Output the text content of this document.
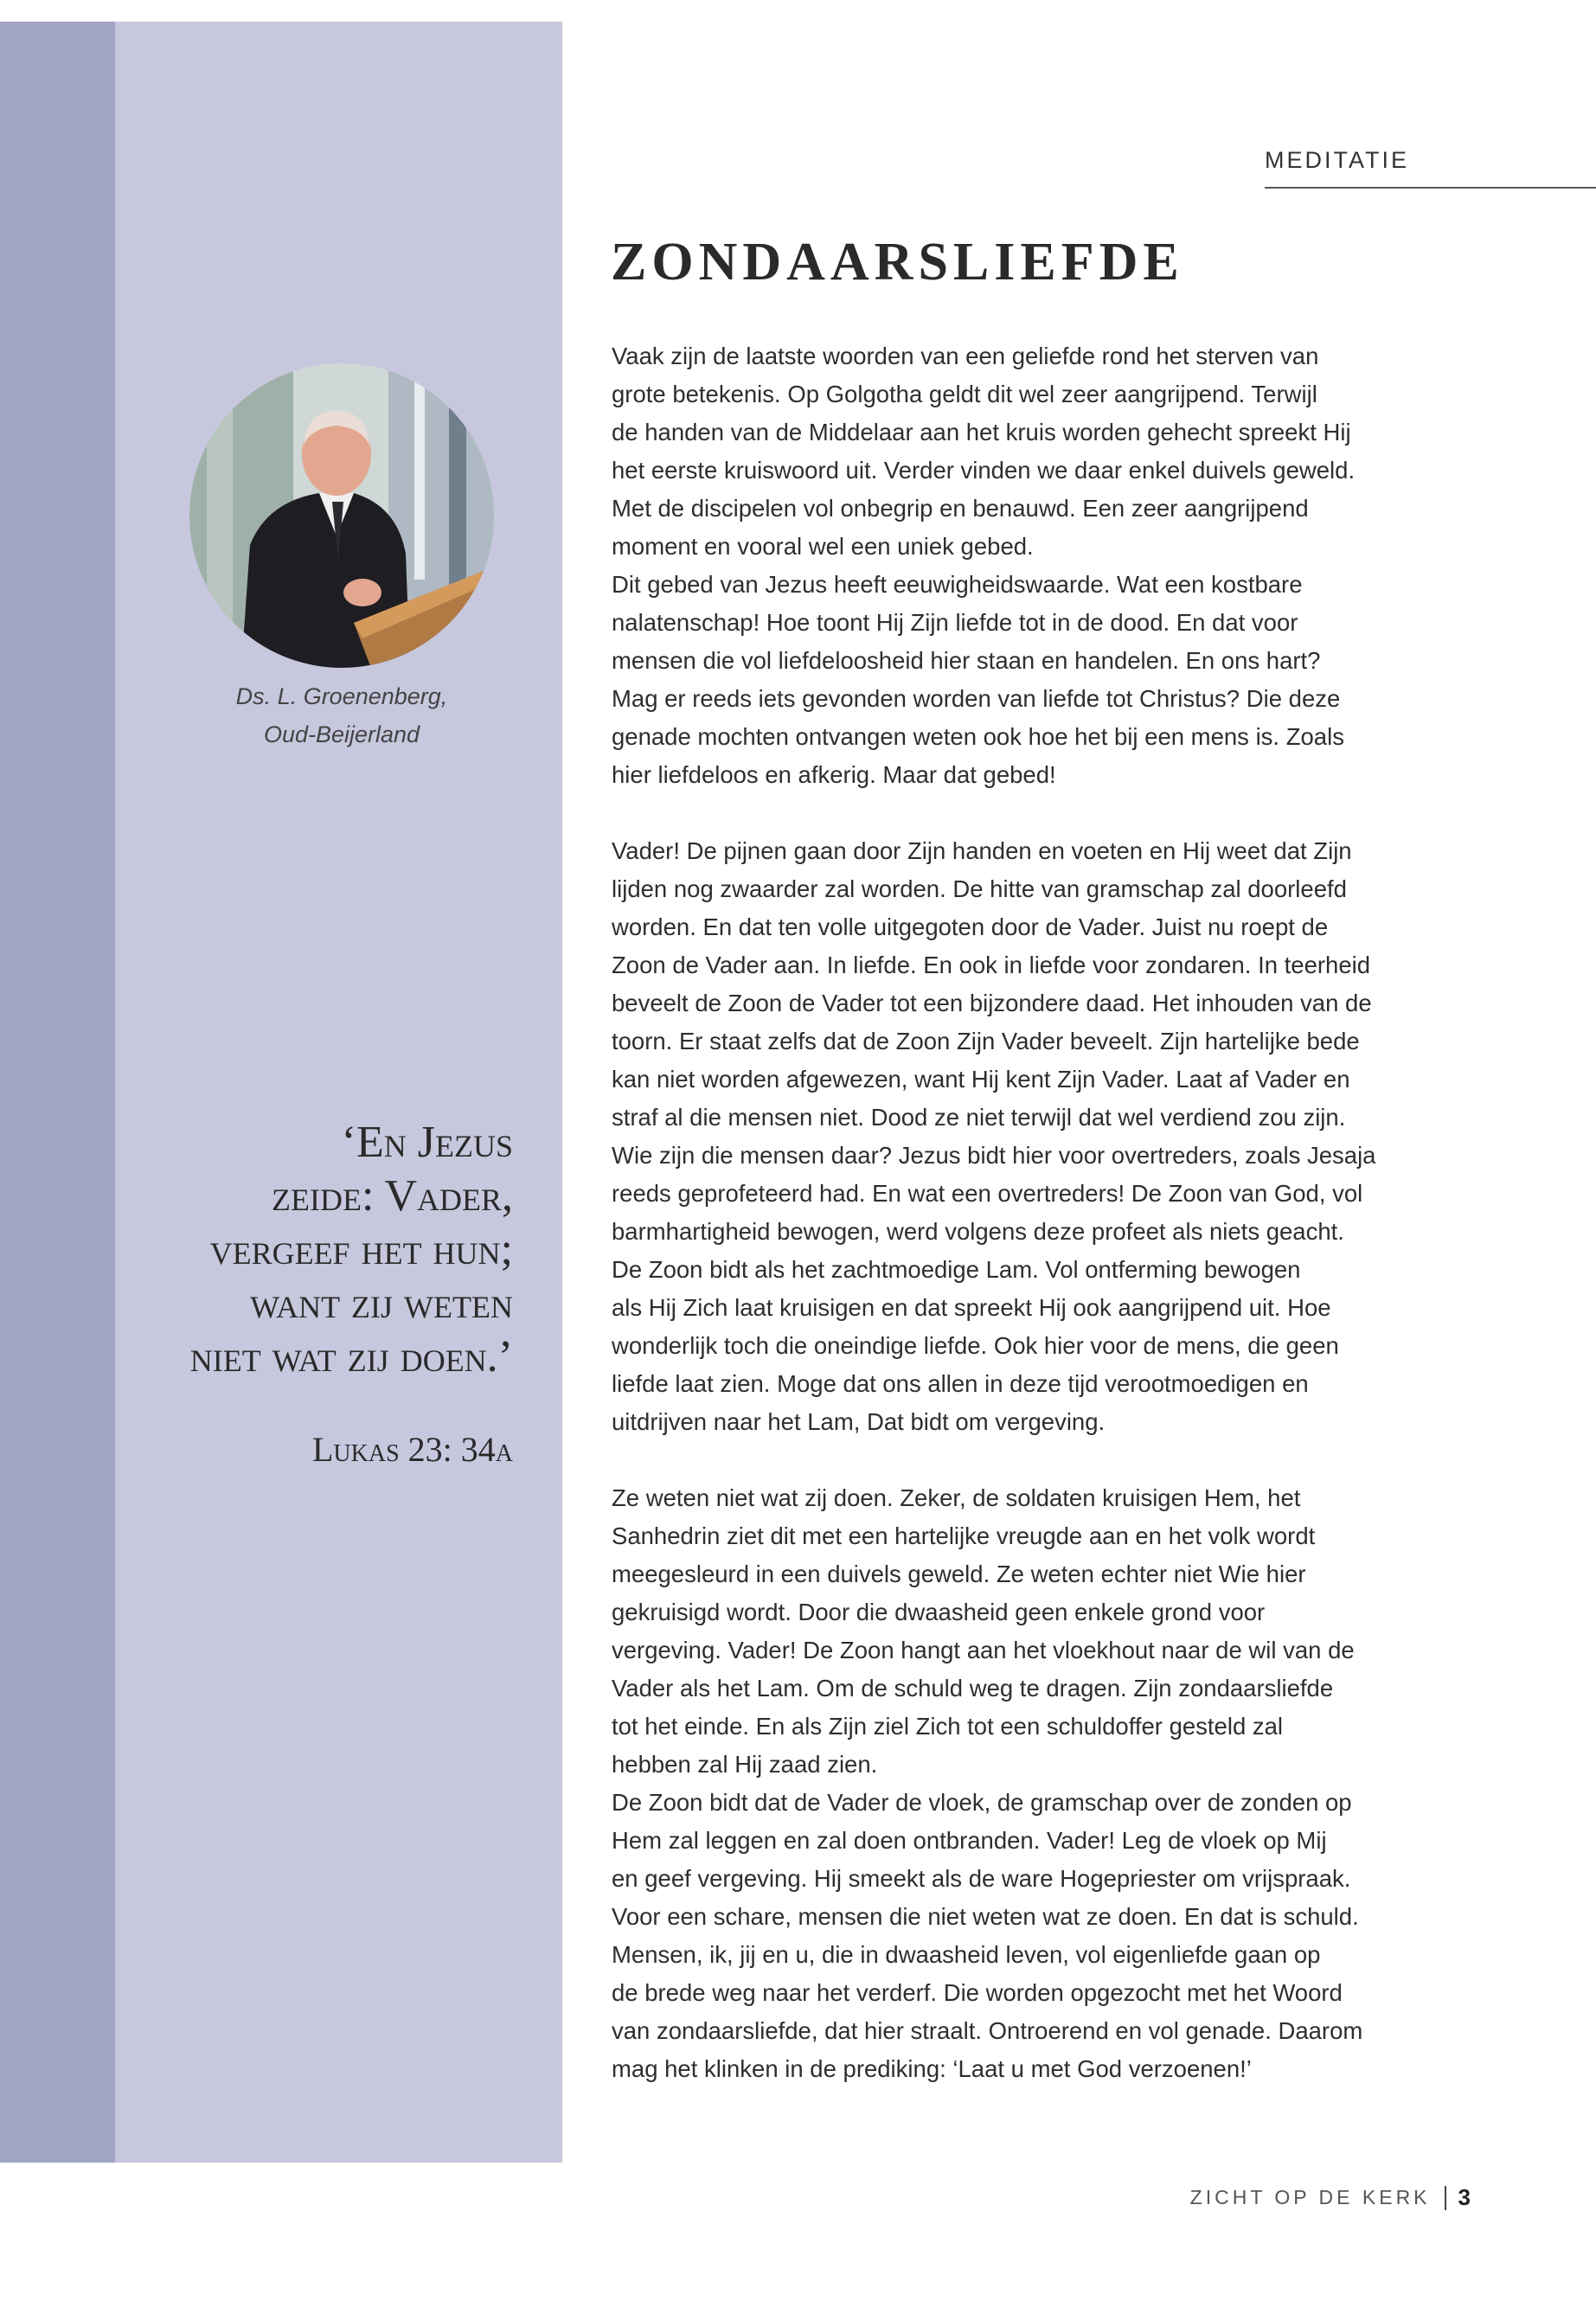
MEDITATIE
ZONDAARSLIEFDE
Ds. L. Groenenberg,
Oud-Beijerland
‘En Jezus
zeide: Vader,
vergeef het hun;
want zij weten
niet wat zij doen.’
Lukas 23: 34a
Vaak zijn de laatste woorden van een geliefde rond het sterven van
grote betekenis. Op Golgotha geldt dit wel zeer aangrijpend. Terwijl
de handen van de Middelaar aan het kruis worden gehecht spreekt Hij
het eerste kruiswoord uit. Verder vinden we daar enkel duivels geweld.
Met de discipelen vol onbegrip en benauwd. Een zeer aangrijpend
moment en vooral wel een uniek gebed.
Dit gebed van Jezus heeft eeuwigheidswaarde. Wat een kostbare
nalatenschap! Hoe toont Hij Zijn liefde tot in de dood. En dat voor
mensen die vol liefdeloosheid hier staan en handelen. En ons hart?
Mag er reeds iets gevonden worden van liefde tot Christus? Die deze
genade mochten ontvangen weten ook hoe het bij een mens is. Zoals
hier liefdeloos en afkerig. Maar dat gebed!
Vader! De pijnen gaan door Zijn handen en voeten en Hij weet dat Zijn
lijden nog zwaarder zal worden. De hitte van gramschap zal doorleefd
worden. En dat ten volle uitgegoten door de Vader. Juist nu roept de
Zoon de Vader aan. In liefde. En ook in liefde voor zondaren. In teerheid
beveelt de Zoon de Vader tot een bijzondere daad. Het inhouden van de
toorn. Er staat zelfs dat de Zoon Zijn Vader beveelt. Zijn hartelijke bede
kan niet worden afgewezen, want Hij kent Zijn Vader. Laat af Vader en
straf al die mensen niet. Dood ze niet terwijl dat wel verdiend zou zijn.
Wie zijn die mensen daar? Jezus bidt hier voor overtreders, zoals Jesaja
reeds geprofeteerd had. En wat een overtreders! De Zoon van God, vol
barmhartigheid bewogen, werd volgens deze profeet als niets geacht.
De Zoon bidt als het zachtmoedige Lam. Vol ontferming bewogen
als Hij Zich laat kruisigen en dat spreekt Hij ook aangrijpend uit. Hoe
wonderlijk toch die oneindige liefde. Ook hier voor de mens, die geen
liefde laat zien. Moge dat ons allen in deze tijd verootmoedigen en
uitdrijven naar het Lam, Dat bidt om vergeving.
Ze weten niet wat zij doen. Zeker, de soldaten kruisigen Hem, het
Sanhedrin ziet dit met een hartelijke vreugde aan en het volk wordt
meegesleurd in een duivels geweld. Ze weten echter niet Wie hier
gekruisigd wordt. Door die dwaasheid geen enkele grond voor
vergeving. Vader! De Zoon hangt aan het vloekhout naar de wil van de
Vader als het Lam. Om de schuld weg te dragen. Zijn zondaarsliefde
tot het einde. En als Zijn ziel Zich tot een schuldoffer gesteld zal
hebben zal Hij zaad zien.
De Zoon bidt dat de Vader de vloek, de gramschap over de zonden op
Hem zal leggen en zal doen ontbranden. Vader! Leg de vloek op Mij
en geef vergeving. Hij smeekt als de ware Hogepriester om vrijspraak.
Voor een schare, mensen die niet weten wat ze doen. En dat is schuld.
Mensen, ik, jij en u, die in dwaasheid leven, vol eigenliefde gaan op
de brede weg naar het verderf. Die worden opgezocht met het Woord
van zondaarsliefde, dat hier straalt. Ontroerend en vol genade. Daarom
mag het klinken in de prediking: ‘Laat u met God verzoenen!’
ZICHT OP DE KERK 3
